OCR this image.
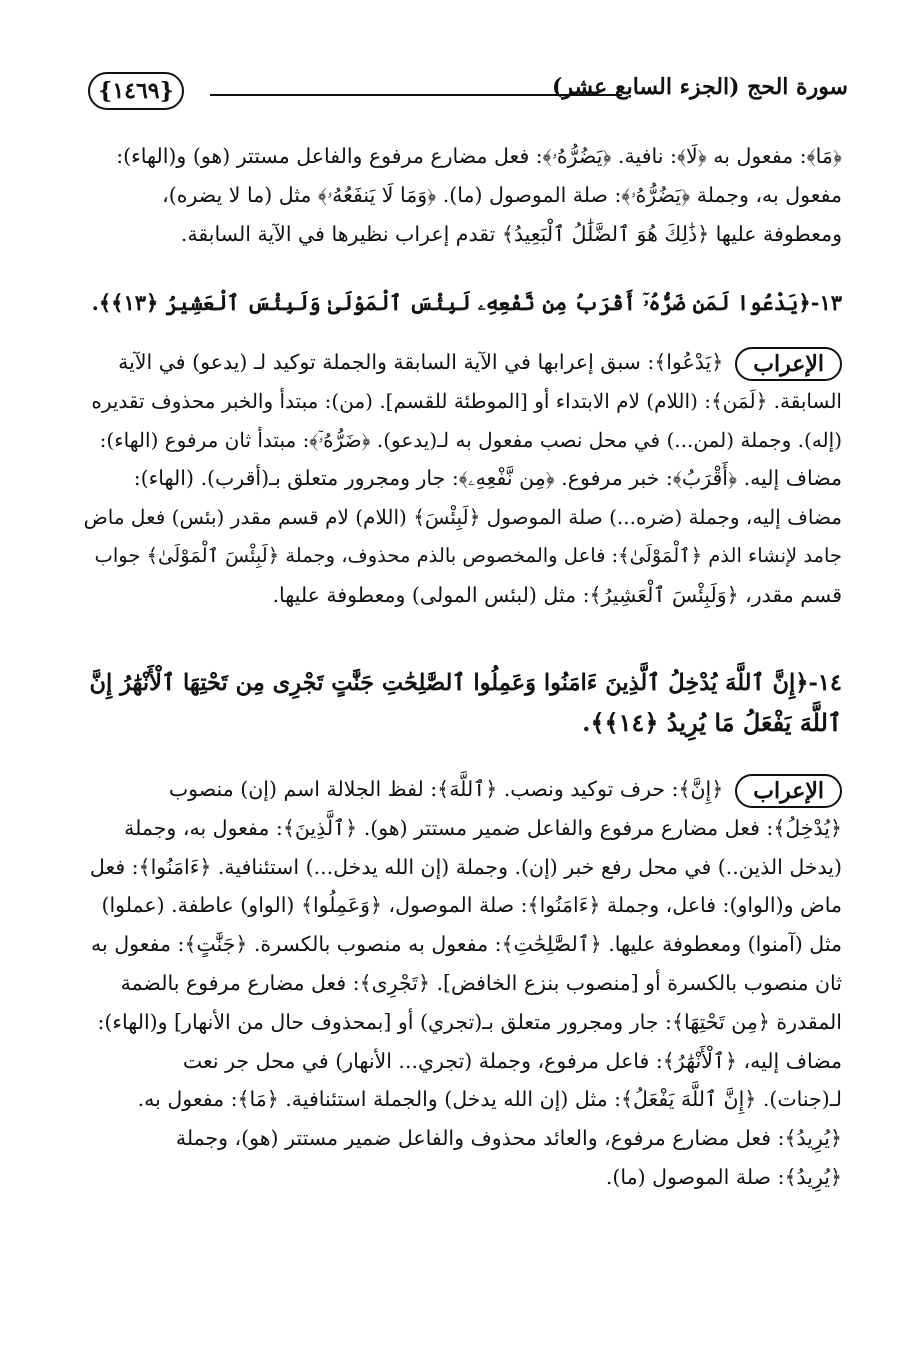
{ ١٤٦٩ }	سورة الحج (الجزء السابع عشر)
﴿مَا﴾: مفعول به ﴿لَا﴾: نافية. ﴿يَضُرُّهُۥ﴾: فعل مضارع مرفوع والفاعل مستتر (هو) و(الهاء):
مفعول به، وجملة ﴿يَضُرُّهُۥ﴾: صلة الموصول (ما). ﴿وَمَا لَا يَنفَعُهُۥ﴾ مثل (ما لا يضره)،
ومعطوفة عليها ﴿ذَٰلِكَ هُوَ ٱلضَّلَٰلُ ٱلْبَعِيدُ﴾ تقدم إعراب نظيرها في الآية السابقة.
١٣-﴿يَدْعُوا لَمَن ضَرُّهُۥٓ أَقْرَبُ مِن نَّفْعِهِۦ لَبِئْسَ ٱلْمَوْلَىٰ وَلَبِئْسَ ٱلْعَشِيرُ ﴿١٣﴾﴾.
الإعراب
﴿يَدْعُوا﴾: سبق إعرابها في الآية السابقة والجملة توكيد لـ (يدعو) في الآية
السابقة. ﴿لَمَن﴾: (اللام) لام الابتداء أو [الموطئة للقسم]. (من): مبتدأ والخبر محذوف تقديره
(إله). وجملة (لمن...) في محل نصب مفعول به لـ(يدعو). ﴿ضَرُّهُۥٓ﴾: مبتدأ ثان مرفوع (الهاء):
مضاف إليه. ﴿أَقْرَبُ﴾: خبر مرفوع. ﴿مِن نَّفْعِهِۦ﴾: جار ومجرور متعلق بـ(أقرب). (الهاء):
مضاف إليه، وجملة (ضره...) صلة الموصول ﴿لَبِئْسَ﴾ (اللام) لام قسم مقدر (بئس) فعل ماض
جامد لإنشاء الذم ﴿ٱلْمَوْلَىٰ﴾: فاعل والمخصوص بالذم محذوف، وجملة ﴿لَبِئْسَ ٱلْمَوْلَىٰ﴾ جواب
قسم مقدر، ﴿وَلَبِئْسَ ٱلْعَشِيرُ﴾: مثل (لبئس المولى) ومعطوفة عليها.
١٤-﴿إِنَّ ٱللَّهَ يُدْخِلُ ٱلَّذِينَ ءَامَنُوا وَعَمِلُوا ٱلصَّٰلِحَٰتِ جَنَّٰتٍ تَجْرِى مِن تَحْتِهَا ٱلْأَنْهَٰرُ إِنَّ
ٱللَّهَ يَفْعَلُ مَا يُرِيدُ ﴿١٤﴾﴾.
الإعراب
﴿إِنَّ﴾: حرف توكيد ونصب. ﴿ٱللَّهَ﴾: لفظ الجلالة اسم (إن) منصوب
﴿يُدْخِلُ﴾: فعل مضارع مرفوع والفاعل ضمير مستتر (هو). ﴿ٱلَّذِينَ﴾: مفعول به، وجملة
(يدخل الذين..) في محل رفع خبر (إن). وجملة (إن الله يدخل...) استئنافية. ﴿ءَامَنُوا﴾: فعل
ماض و(الواو): فاعل، وجملة ﴿ءَامَنُوا﴾: صلة الموصول، ﴿وَعَمِلُوا﴾ (الواو) عاطفة. (عملوا)
مثل (آمنوا) ومعطوفة عليها. ﴿ٱلصَّٰلِحَٰتِ﴾: مفعول به منصوب بالكسرة. ﴿جَنَّٰتٍ﴾: مفعول به
ثان منصوب بالكسرة أو [منصوب بنزع الخافض]. ﴿تَجْرِى﴾: فعل مضارع مرفوع بالضمة
المقدرة ﴿مِن تَحْتِهَا﴾: جار ومجرور متعلق بـ(تجري) أو [بمحذوف حال من الأنهار] و(الهاء):
مضاف إليه، ﴿ٱلْأَنْهَٰرُ﴾: فاعل مرفوع، وجملة (تجري... الأنهار) في محل جر نعت
لـ(جنات). ﴿إِنَّ ٱللَّهَ يَفْعَلُ﴾: مثل (إن الله يدخل) والجملة استئنافية. ﴿مَا﴾: مفعول به.
﴿يُرِيدُ﴾: فعل مضارع مرفوع، والعائد محذوف والفاعل ضمير مستتر (هو)، وجملة
﴿يُرِيدُ﴾: صلة الموصول (ما).
